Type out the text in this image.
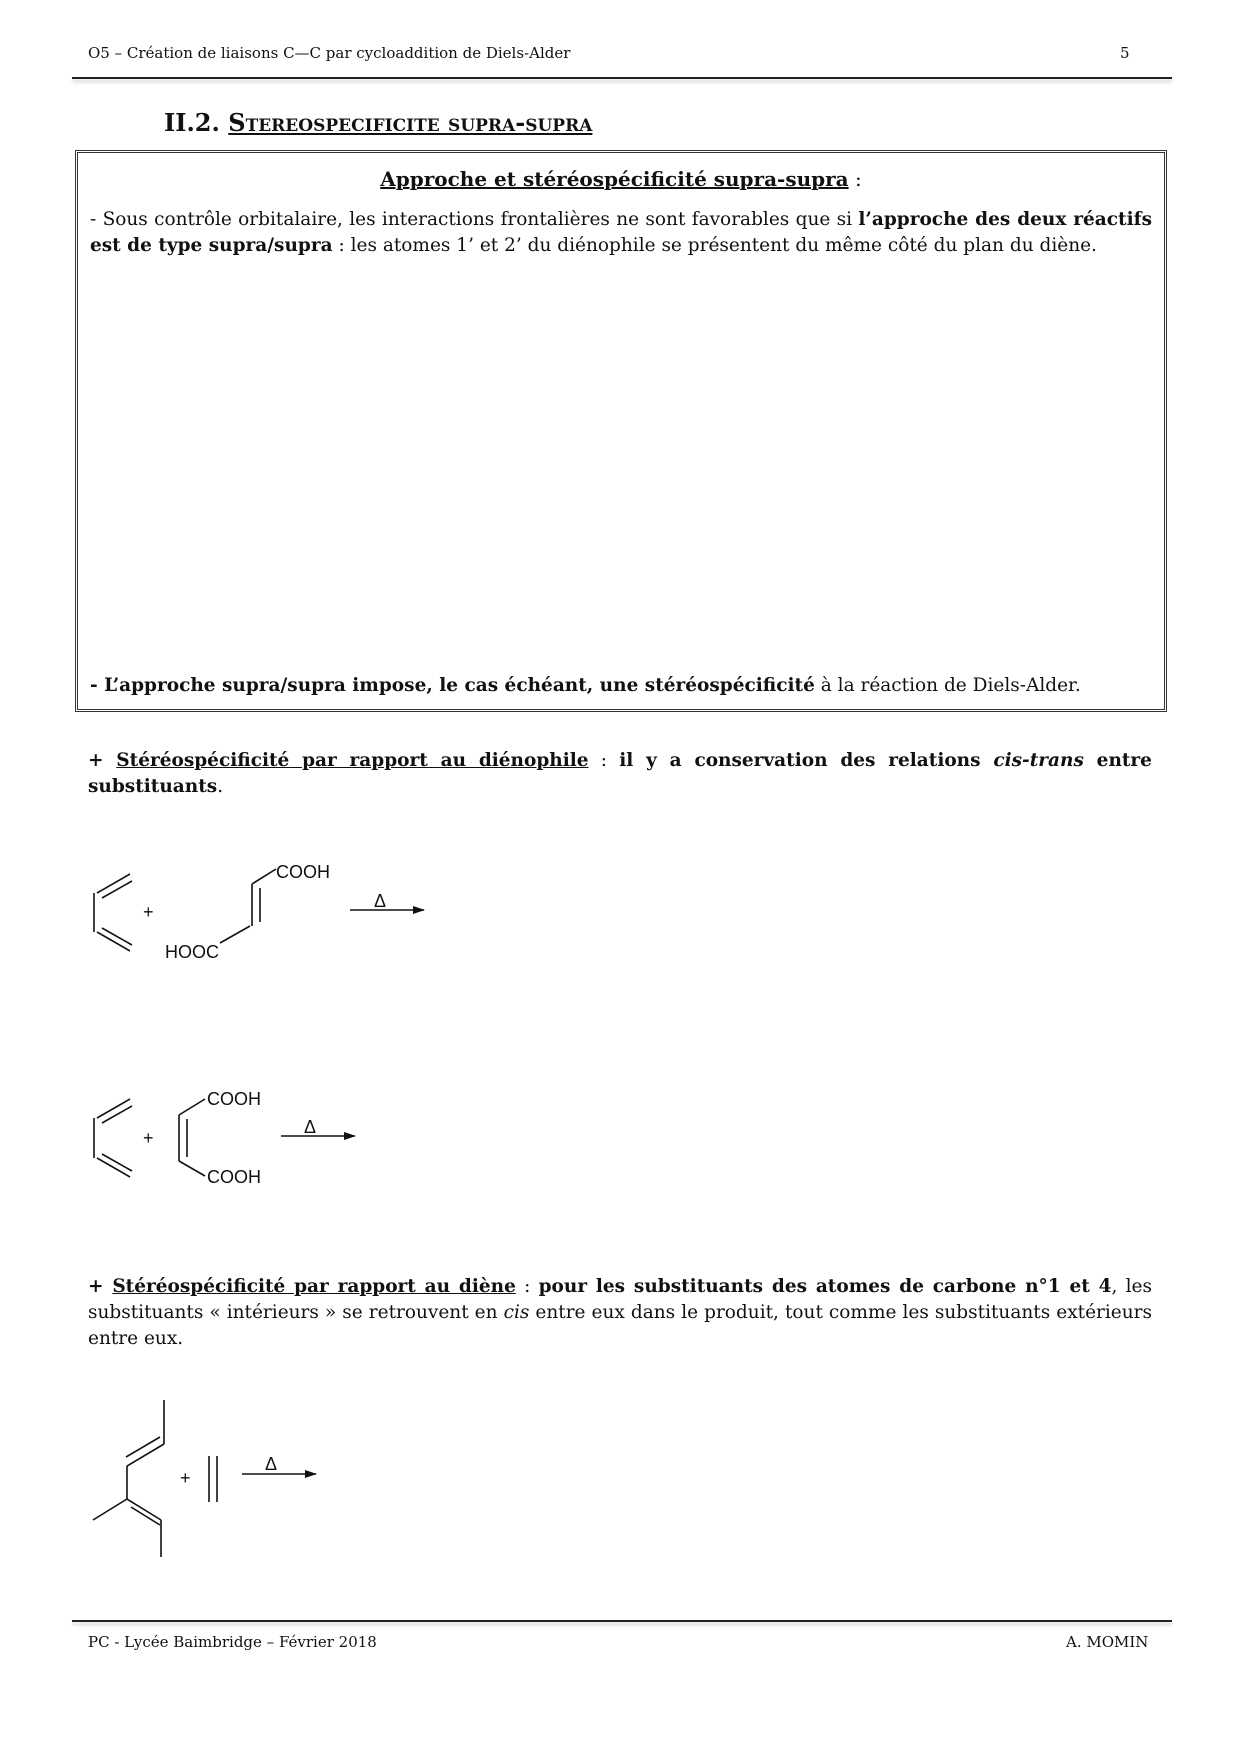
O5 – Création de liaisons C—C par cycloaddition de Diels-Alder	5
II.2. Stereospecificite supra-supra
Approche et stéréospécificité supra-supra :
- Sous contrôle orbitalaire, les interactions frontalières ne sont favorables que si l’approche des deux réactifs est de type supra/supra : les atomes 1’ et 2’ du diénophile se présentent du même côté du plan du diène.
- L’approche supra/supra impose, le cas échéant, une stéréospécificité à la réaction de Diels-Alder.
+ Stéréospécificité par rapport au diénophile : il y a conservation des relations cis-trans entre substituants.
+ Stéréospécificité par rapport au diène : pour les substituants des atomes de carbone n°1 et 4, les substituants « intérieurs » se retrouvent en cis entre eux dans le produit, tout comme les substituants extérieurs entre eux.
+
COOH
HOOC
Δ
+
COOH
COOH
Δ
+
Δ
PC - Lycée Baimbridge – Février 2018	A. MOMIN
